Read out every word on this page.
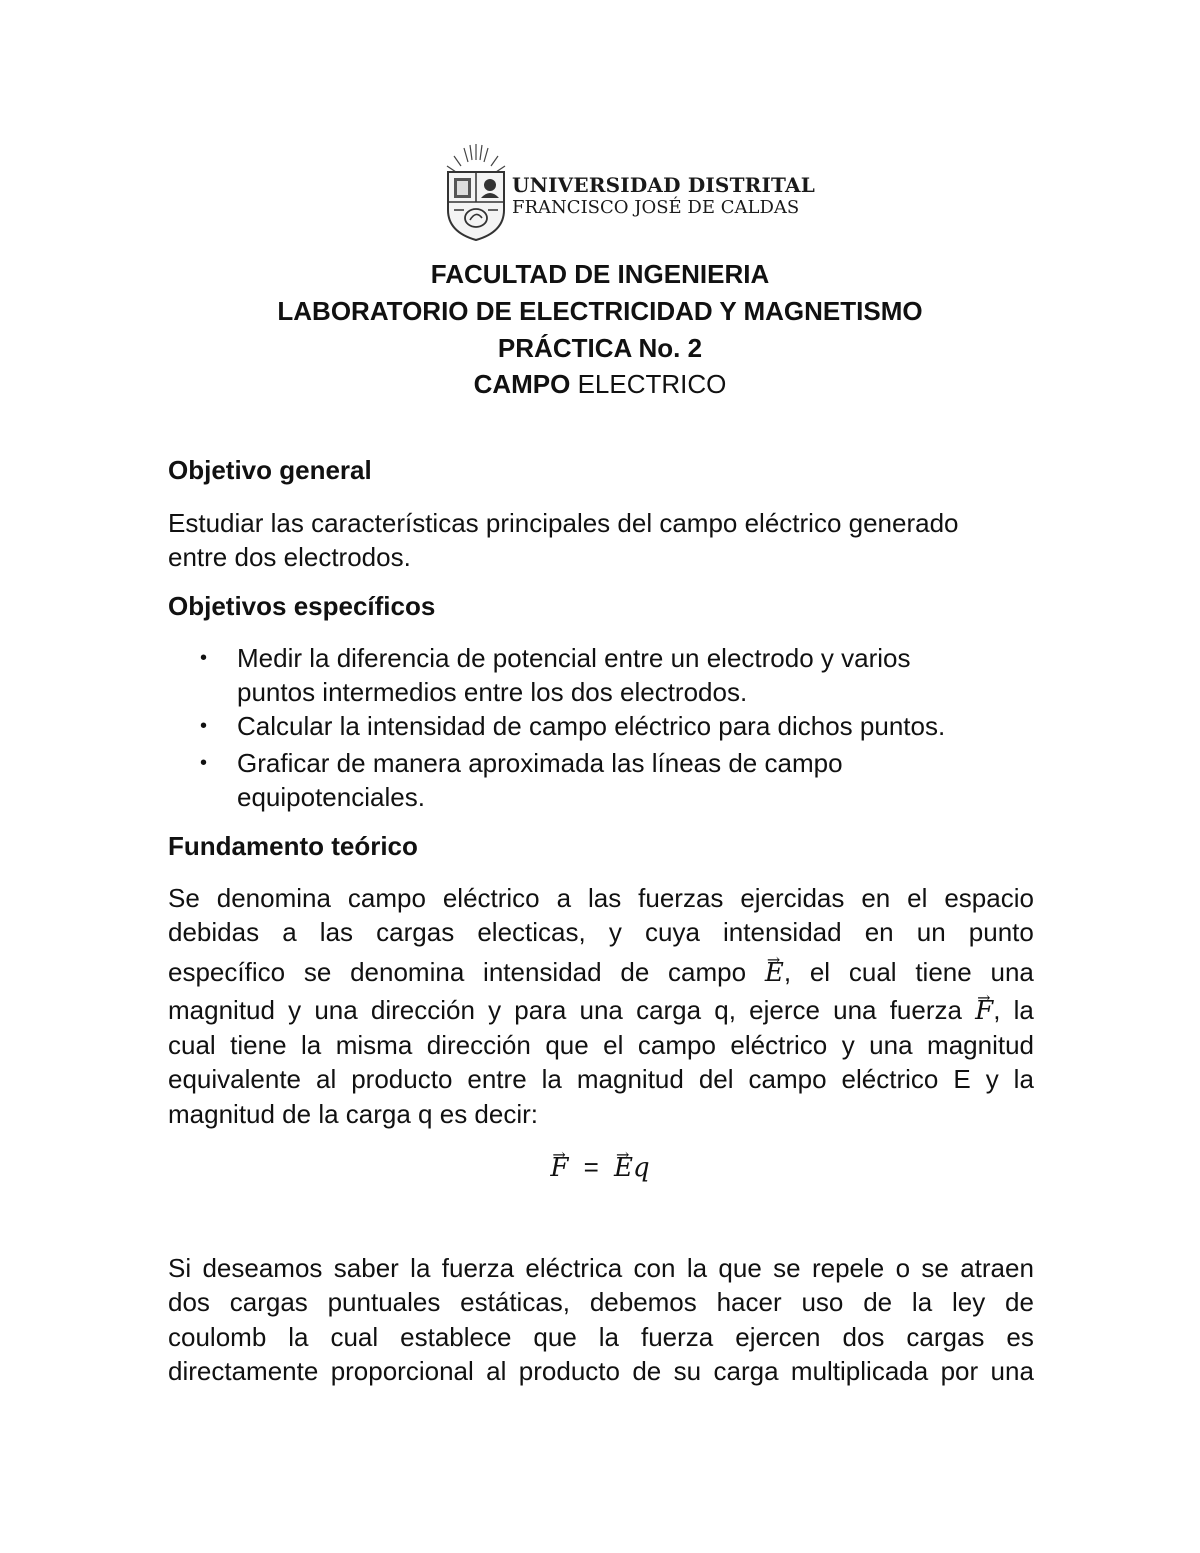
UNIVERSIDAD DISTRITAL
FRANCISCO JOSÉ DE CALDAS
FACULTAD DE INGENIERIA
LABORATORIO DE ELECTRICIDAD Y MAGNETISMO
PRÁCTICA No. 2
CAMPO ELECTRICO
Objetivo general
Estudiar las características principales del campo eléctrico generado
entre dos electrodos.
Objetivos específicos
• Medir la diferencia de potencial entre un electrodo y varios
puntos intermedios entre los dos electrodos.
• Calcular la intensidad de campo eléctrico para dichos puntos.
• Graficar de manera aproximada las líneas de campo
equipotenciales.
Fundamento teórico
Se denomina campo eléctrico a las fuerzas ejercidas en el espacio
debidas a las cargas electicas, y cuya intensidad en un punto
específico se denomina intensidad de campo → E, el cual tiene una
magnitud y una dirección y para una carga q, ejerce una fuerza → F, la
cual tiene la misma dirección que el campo eléctrico y una magnitud
equivalente al producto entre la magnitud del campo eléctrico E y la
magnitud de la carga q es decir:
→ F = → Eq
Si deseamos saber la fuerza eléctrica con la que se repele o se atraen
dos cargas puntuales estáticas, debemos hacer uso de la ley de
coulomb la cual establece que la fuerza ejercen dos cargas es
directamente proporcional al producto de su carga multiplicada por una
